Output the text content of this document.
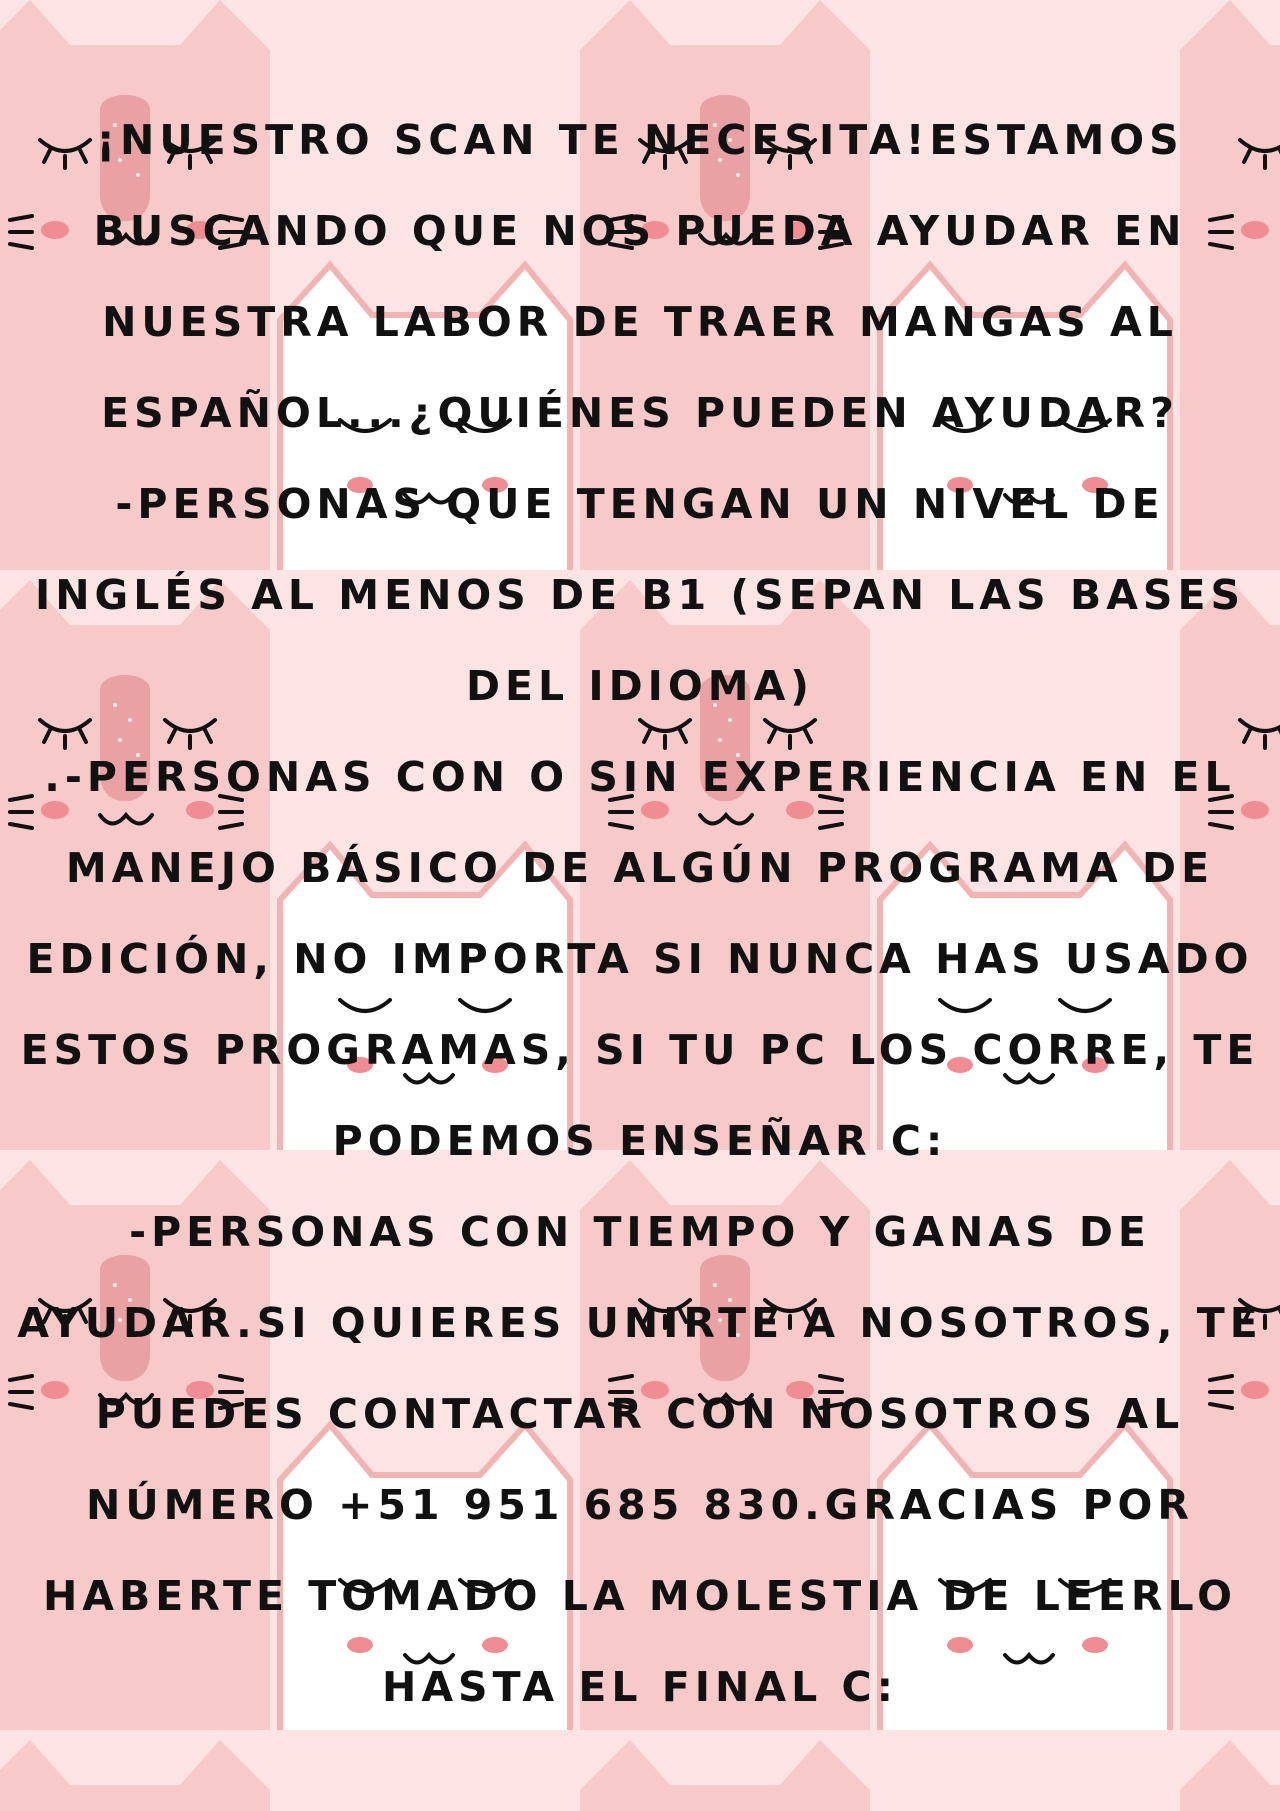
¡NUESTRO SCAN TE NECESITA!ESTAMOS
BUSCANDO QUE NOS PUEDA AYUDAR EN
NUESTRA LABOR DE TRAER MANGAS AL
ESPAÑOL...¿QUIÉNES PUEDEN AYUDAR?
-PERSONAS QUE TENGAN UN NIVEL DE
INGLÉS AL MENOS DE B1 (SEPAN LAS BASES
DEL IDIOMA)
.-PERSONAS CON O SIN EXPERIENCIA EN EL
MANEJO BÁSICO DE ALGÚN PROGRAMA DE
EDICIÓN, NO IMPORTA SI NUNCA HAS USADO
ESTOS PROGRAMAS, SI TU PC LOS CORRE, TE
PODEMOS ENSEÑAR C:
-PERSONAS CON TIEMPO Y GANAS DE
AYUDAR.SI QUIERES UNIRTE A NOSOTROS, TE
PUEDES CONTACTAR CON NOSOTROS AL
NÚMERO +51 951 685 830.GRACIAS POR
HABERTE TOMADO LA MOLESTIA DE LEERLO
HASTA EL FINAL C:
